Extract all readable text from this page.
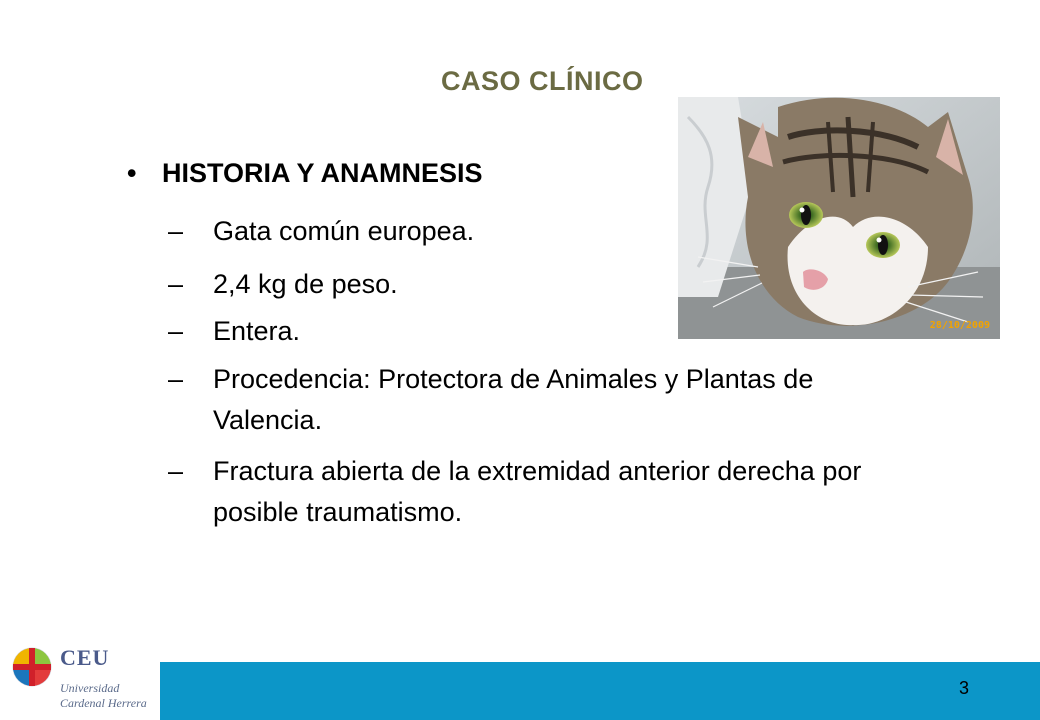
CASO CLÍNICO
28/10/2009
• HISTORIA Y ANAMNESIS
– Gata común europea.
– 2,4 kg de peso.
– Entera.
– Procedencia: Protectora de Animales y Plantas de Valencia.
– Fractura abierta de la extremidad anterior derecha por posible traumatismo.
3
CEU
Universidad
Cardenal Herrera
